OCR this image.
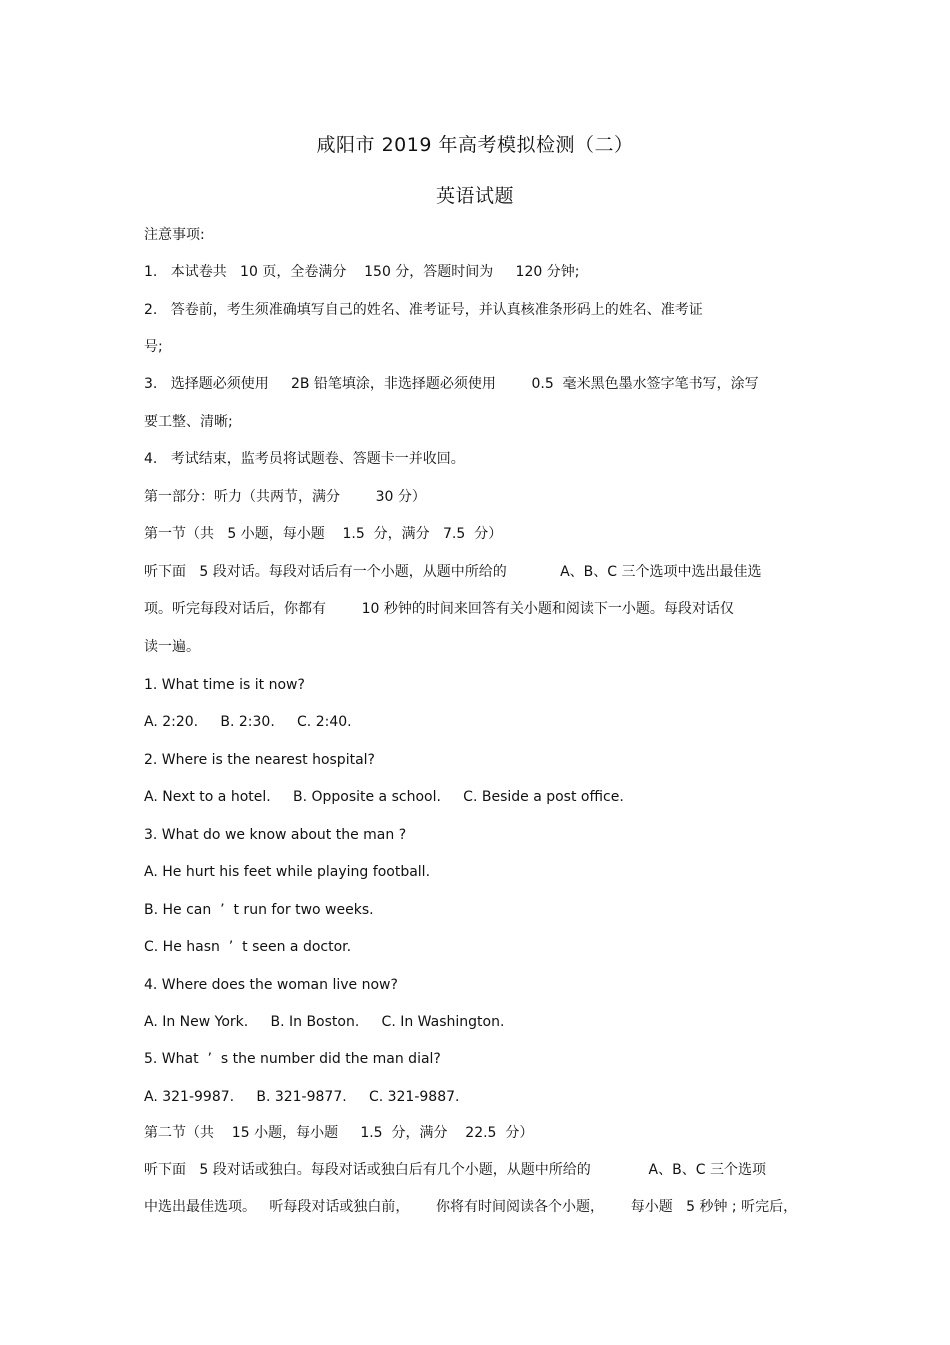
咸阳市 2019 年高考模拟检测（二）
英语试题
注意事项:
1.   本试卷共   10 页，全卷满分    150 分，答题时间为     120 分钟;
2.   答卷前，考生须准确填写自己的姓名、准考证号，并认真核准条形码上的姓名、准考证
号;
3.   选择题必须使用     2B 铅笔填涂，非选择题必须使用        0.5  毫米黑色墨水签字笔书写，涂写
要工整、清晰;
4.   考试结束，监考员将试题卷、答题卡一并收回。
第一部分：听力（共两节，满分        30 分）
第一节（共   5 小题，每小题    1.5  分，满分   7.5  分）
听下面   5 段对话。每段对话后有一个小题，从题中所给的            A、B、C 三个选项中选出最佳选
项。听完每段对话后，你都有        10 秒钟的时间来回答有关小题和阅读下一小题。每段对话仅
读一遍。
1. What time is it now?
A. 2:20.     B. 2:30.     C. 2:40.
2. Where is the nearest hospital?
A. Next to a hotel.     B. Opposite a school.     C. Beside a post office.
3. What do we know about the man ?
A. He hurt his feet while playing football.
B. He can  ’  t run for two weeks.
C. He hasn  ’  t seen a doctor.
4. Where does the woman live now?
A. In New York.     B. In Boston.     C. In Washington.
5. What  ’  s the number did the man dial?
A. 321-9987.     B. 321-9877.     C. 321-9887.
第二节（共    15 小题，每小题     1.5  分，满分    22.5  分）
听下面   5 段对话或独白。每段对话或独白后有几个小题，从题中所给的             A、B、C 三个选项
中选出最佳选项。   听每段对话或独白前，      你将有时间阅读各个小题，      每小题   5 秒钟 ; 听完后，
